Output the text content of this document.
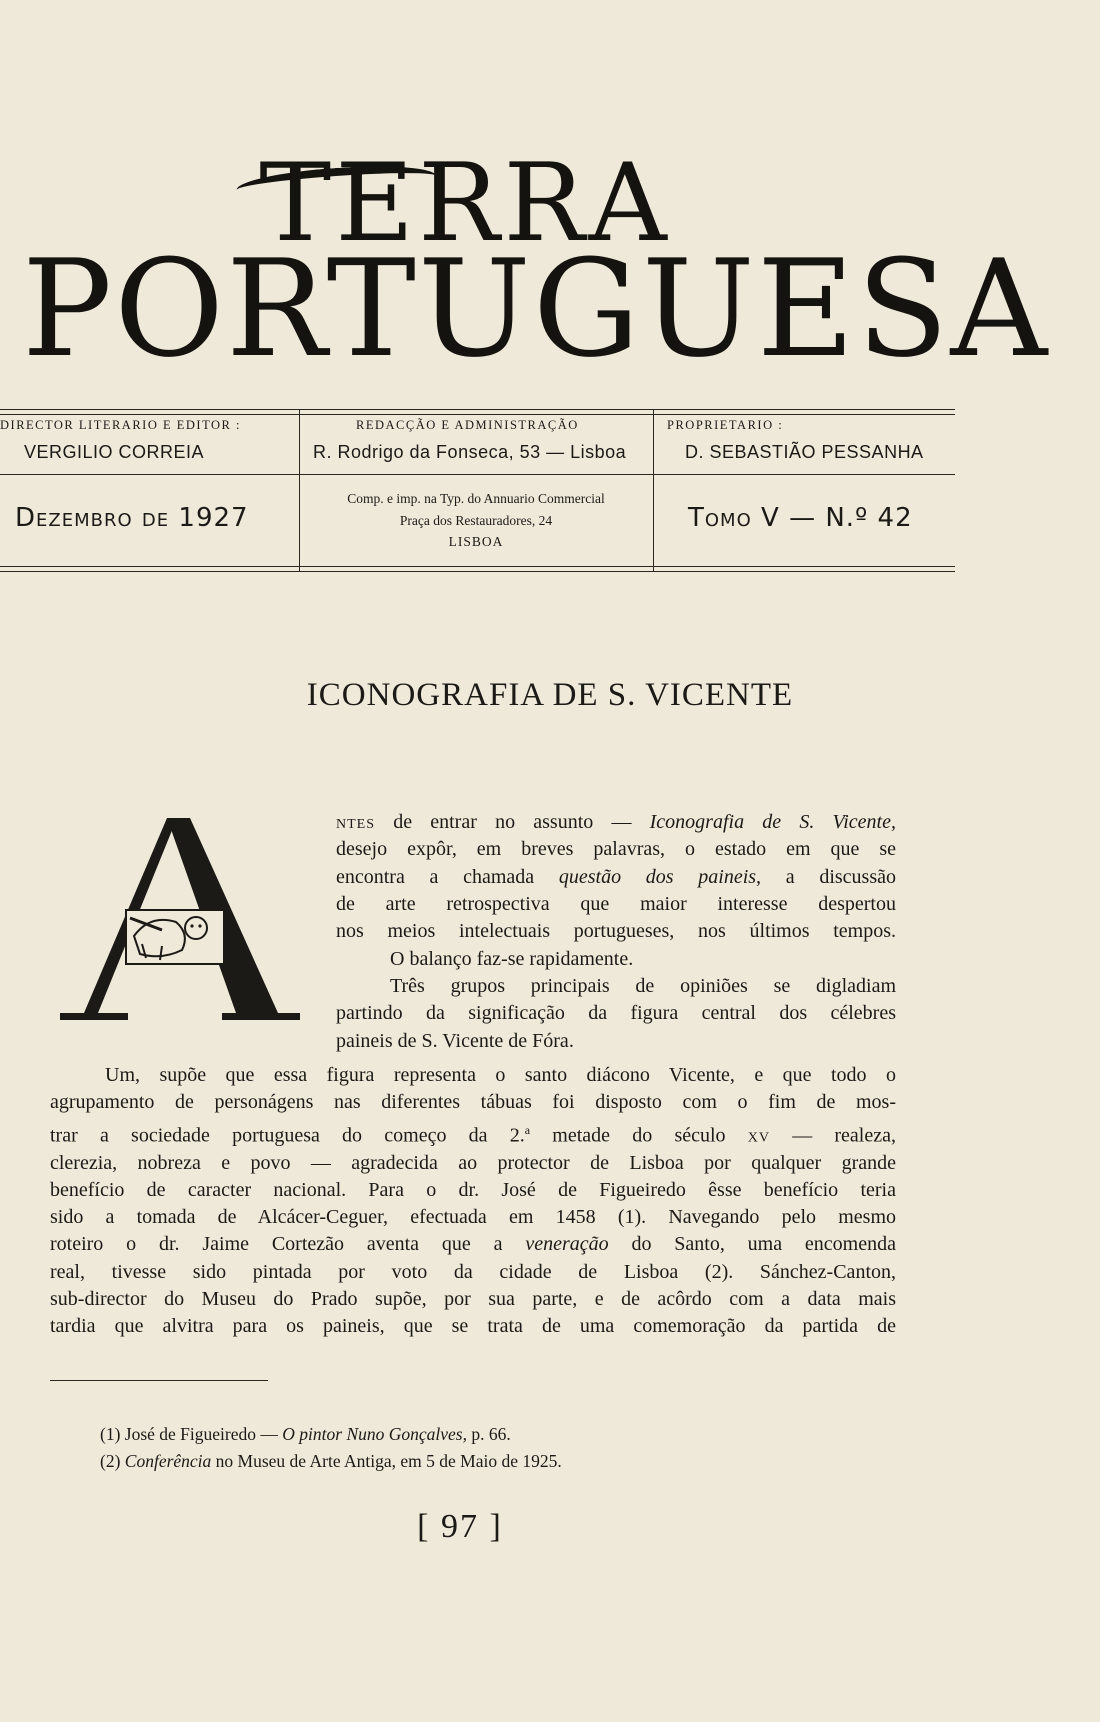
TERRA
PORTUGUESA
DIRECTOR LITERARIO E EDITOR :
VERGILIO CORREIA
REDACÇÃO E ADMINISTRAÇÃO
R. Rodrigo da Fonseca, 53 — Lisboa
PROPRIETARIO :
D. SEBASTIÃO PESSANHA
Dezembro de 1927
Comp. e imp. na Typ. do Annuario Commercial
Praça dos Restauradores, 24
LISBOA
Tomo V — N.º 42
ICONOGRAFIA DE S. VICENTE
ntes de entrar no assunto — Iconografia de S. Vicente,
desejo expôr, em breves palavras, o estado em que se
encontra a chamada questão dos paineis, a discussão
de arte retrospectiva que maior interesse despertou
nos meios intelectuais portugueses, nos últimos tempos.
O balanço faz-se rapidamente.
Três grupos principais de opiniões se digladiam
partindo da significação da figura central dos célebres
paineis de S. Vicente de Fóra.
Um, supõe que essa figura representa o santo diácono Vicente, e que todo o
agrupamento de personágens nas diferentes tábuas foi disposto com o fim de mos-
trar a sociedade portuguesa do começo da 2.$^a$ metade do século xv — realeza,
clerezia, nobreza e povo — agradecida ao protector de Lisboa por qualquer grande
benefício de caracter nacional. Para o dr. José de Figueiredo êsse benefício teria
sido a tomada de Alcácer-Ceguer, efectuada em 1458 (1). Navegando pelo mesmo
roteiro o dr. Jaime Cortezão aventa que a veneração do Santo, uma encomenda
real, tivesse sido pintada por voto da cidade de Lisboa (2). Sánchez-Canton,
sub-director do Museu do Prado supõe, por sua parte, e de acôrdo com a data mais
tardia que alvitra para os paineis, que se trata de uma comemoração da partida de
(1) José de Figueiredo — O pintor Nuno Gonçalves, p. 66.
(2) Conferência no Museu de Arte Antiga, em 5 de Maio de 1925.
[ 97 ]
